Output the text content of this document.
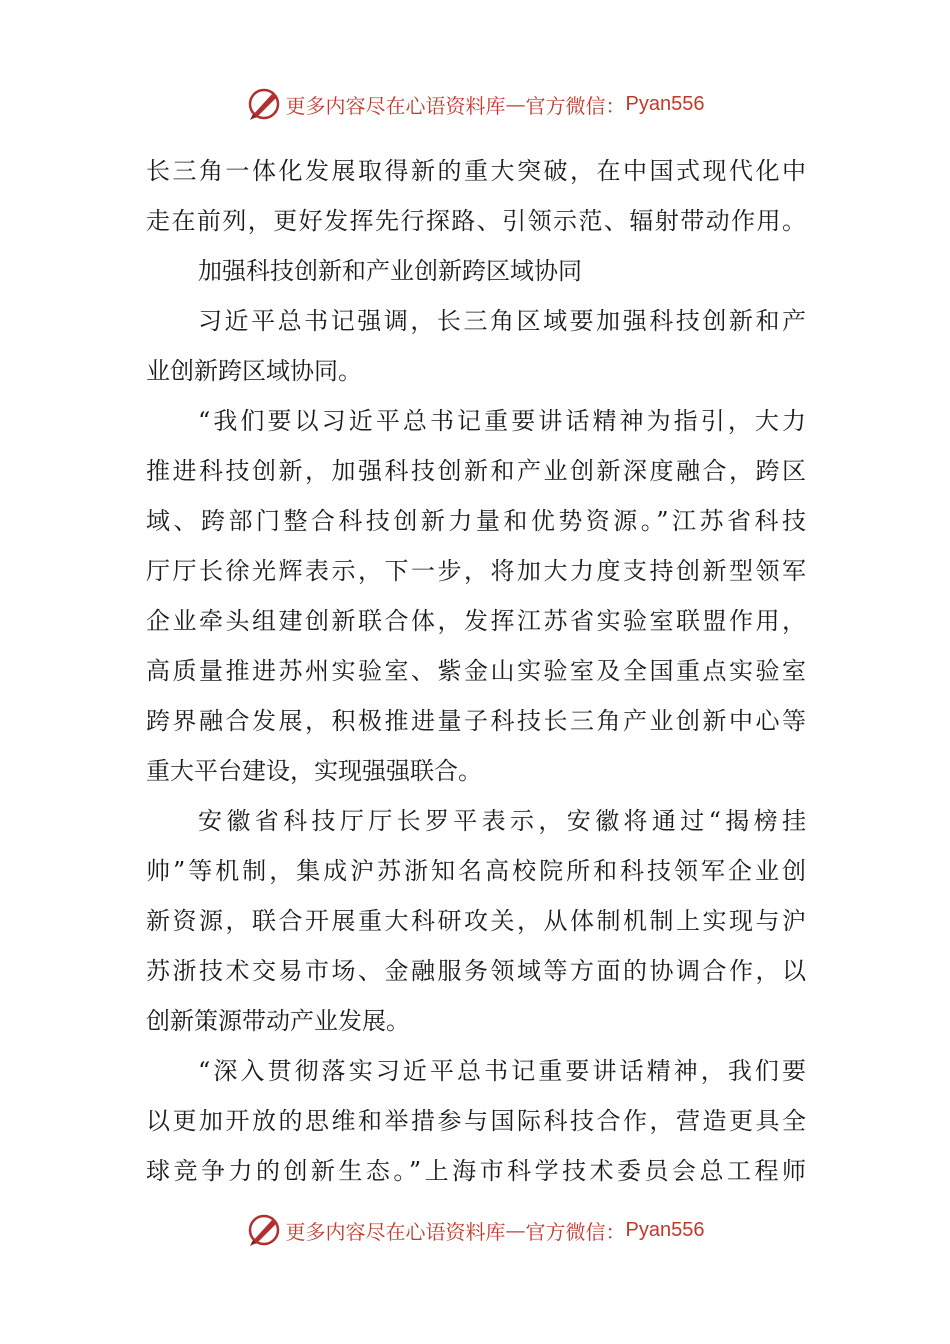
更多内容尽在心语资料库 — 官方微信： Pyan556
长三角一体化发展取得新的重大突破，在中国式现代化中
走在前列，更好发挥先行探路、引领示范、辐射带动作用。
加强科技创新和产业创新跨区域协同
习近平总书记强调，长三角区域要加强科技创新和产
业创新跨区域协同。
“我们要以习近平总书记重要讲话精神为指引，大力
推进科技创新，加强科技创新和产业创新深度融合，跨区
域、跨部门整合科技创新力量和优势资源。”江苏省科技
厅厅长徐光辉表示，下一步，将加大力度支持创新型领军
企业牵头组建创新联合体，发挥江苏省实验室联盟作用，
高质量推进苏州实验室、紫金山实验室及全国重点实验室
跨界融合发展，积极推进量子科技长三角产业创新中心等
重大平台建设，实现强强联合。
安徽省科技厅厅长罗平表示，安徽将通过“揭榜挂
帅”等机制，集成沪苏浙知名高校院所和科技领军企业创
新资源，联合开展重大科研攻关，从体制机制上实现与沪
苏浙技术交易市场、金融服务领域等方面的协调合作，以
创新策源带动产业发展。
“深入贯彻落实习近平总书记重要讲话精神，我们要
以更加开放的思维和举措参与国际科技合作，营造更具全
球竞争力的创新生态。”上海市科学技术委员会总工程师
更多内容尽在心语资料库 — 官方微信： Pyan556
